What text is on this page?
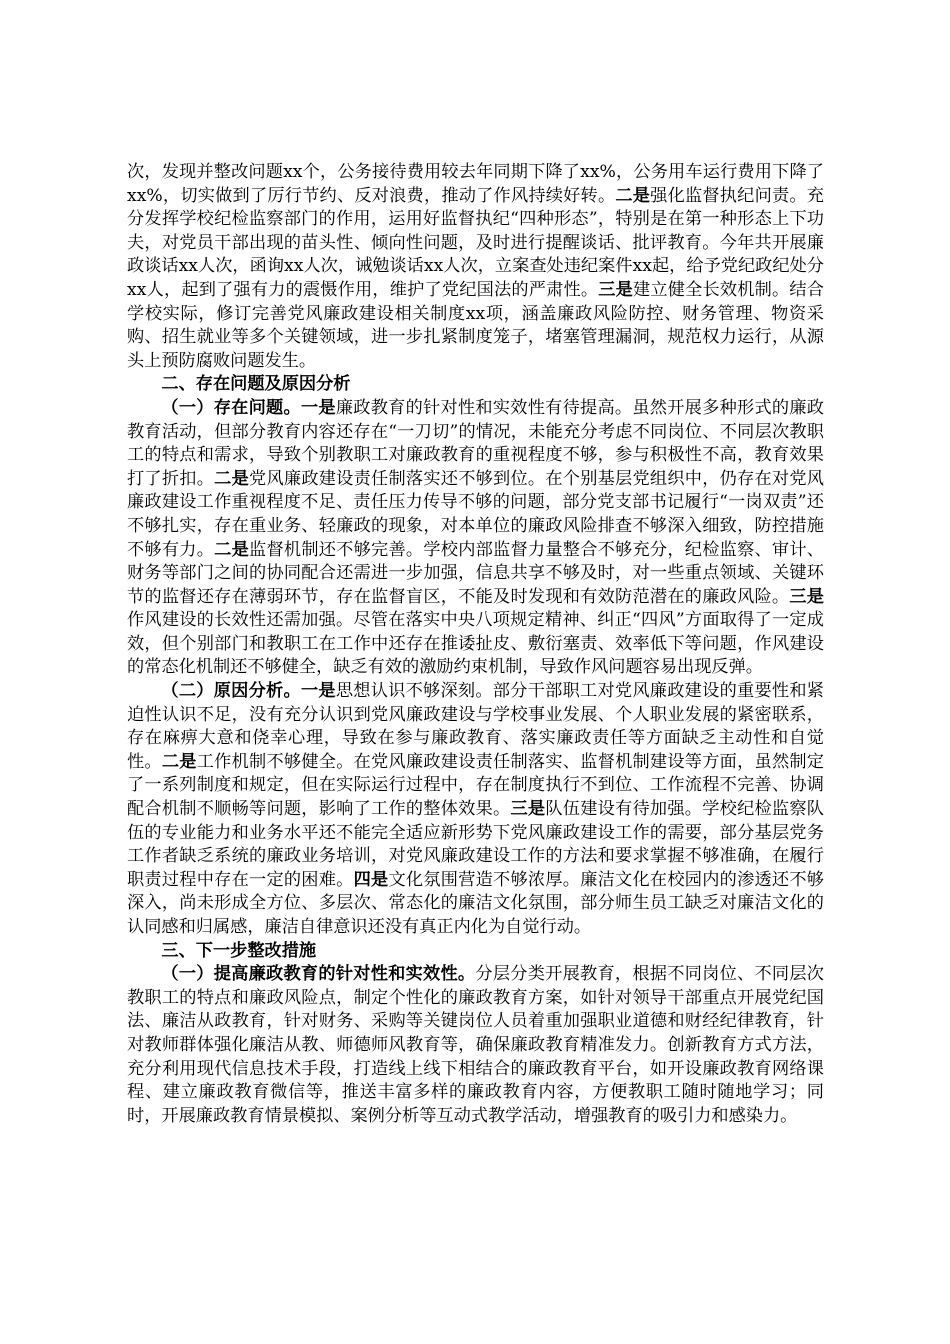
次，发现并整改问题xx个，公务接待费用较去年同期下降了xx%，公务用车运行费用下降了xx%，切实做到了厉行节约、反对浪费，推动了作风持续好转。二是强化监督执纪问责。充分发挥学校纪检监察部门的作用，运用好监督执纪“四种形态”，特别是在第一种形态上下功夫，对党员干部出现的苗头性、倾向性问题，及时进行提醒谈话、批评教育。今年共开展廉政谈话xx人次，函询xx人次，诫勉谈话xx人次，立案查处违纪案件xx起，给予党纪政纪处分xx人，起到了强有力的震慑作用，维护了党纪国法的严肃性。三是建立健全长效机制。结合学校实际，修订完善党风廉政建设相关制度xx项，涵盖廉政风险防控、财务管理、物资采购、招生就业等多个关键领域，进一步扎紧制度笼子，堵塞管理漏洞，规范权力运行，从源头上预防腐败问题发生。

二、存在问题及原因分析

（一）存在问题。一是廉政教育的针对性和实效性有待提高。虽然开展多种形式的廉政教育活动，但部分教育内容还存在“一刀切”的情况，未能充分考虑不同岗位、不同层次教职工的特点和需求，导致个别教职工对廉政教育的重视程度不够，参与积极性不高，教育效果打了折扣。二是党风廉政建设责任制落实还不够到位。在个别基层党组织中，仍存在对党风廉政建设工作重视程度不足、责任压力传导不够的问题，部分党支部书记履行“一岗双责”还不够扎实，存在重业务、轻廉政的现象，对本单位的廉政风险排查不够深入细致，防控措施不够有力。二是监督机制还不够完善。学校内部监督力量整合不够充分，纪检监察、审计、财务等部门之间的协同配合还需进一步加强，信息共享不够及时，对一些重点领域、关键环节的监督还存在薄弱环节，存在监督盲区，不能及时发现和有效防范潜在的廉政风险。三是作风建设的长效性还需加强。尽管在落实中央八项规定精神、纠正“四风”方面取得了一定成效，但个别部门和教职工在工作中还存在推诿扯皮、敷衍塞责、效率低下等问题，作风建设的常态化机制还不够健全，缺乏有效的激励约束机制，导致作风问题容易出现反弹。

（二）原因分析。一是思想认识不够深刻。部分干部职工对党风廉政建设的重要性和紧迫性认识不足，没有充分认识到党风廉政建设与学校事业发展、个人职业发展的紧密联系，存在麻痹大意和侥幸心理，导致在参与廉政教育、落实廉政责任等方面缺乏主动性和自觉性。二是工作机制不够健全。在党风廉政建设责任制落实、监督机制建设等方面，虽然制定了一系列制度和规定，但在实际运行过程中，存在制度执行不到位、工作流程不完善、协调配合机制不顺畅等问题，影响了工作的整体效果。三是队伍建设有待加强。学校纪检监察队伍的专业能力和业务水平还不能完全适应新形势下党风廉政建设工作的需要，部分基层党务工作者缺乏系统的廉政业务培训，对党风廉政建设工作的方法和要求掌握不够准确，在履行职责过程中存在一定的困难。四是文化氛围营造不够浓厚。廉洁文化在校园内的渗透还不够深入，尚未形成全方位、多层次、常态化的廉洁文化氛围，部分师生员工缺乏对廉洁文化的认同感和归属感，廉洁自律意识还没有真正内化为自觉行动。

三、下一步整改措施

（一）提高廉政教育的针对性和实效性。分层分类开展教育，根据不同岗位、不同层次教职工的特点和廉政风险点，制定个性化的廉政教育方案，如针对领导干部重点开展党纪国法、廉洁从政教育，针对财务、采购等关键岗位人员着重加强职业道德和财经纪律教育，针对教师群体强化廉洁从教、师德师风教育等，确保廉政教育精准发力。创新教育方式方法，充分利用现代信息技术手段，打造线上线下相结合的廉政教育平台，如开设廉政教育网络课程、建立廉政教育微信等，推送丰富多样的廉政教育内容，方便教职工随时随地学习；同时，开展廉政教育情景模拟、案例分析等互动式教学活动，增强教育的吸引力和感染力。
